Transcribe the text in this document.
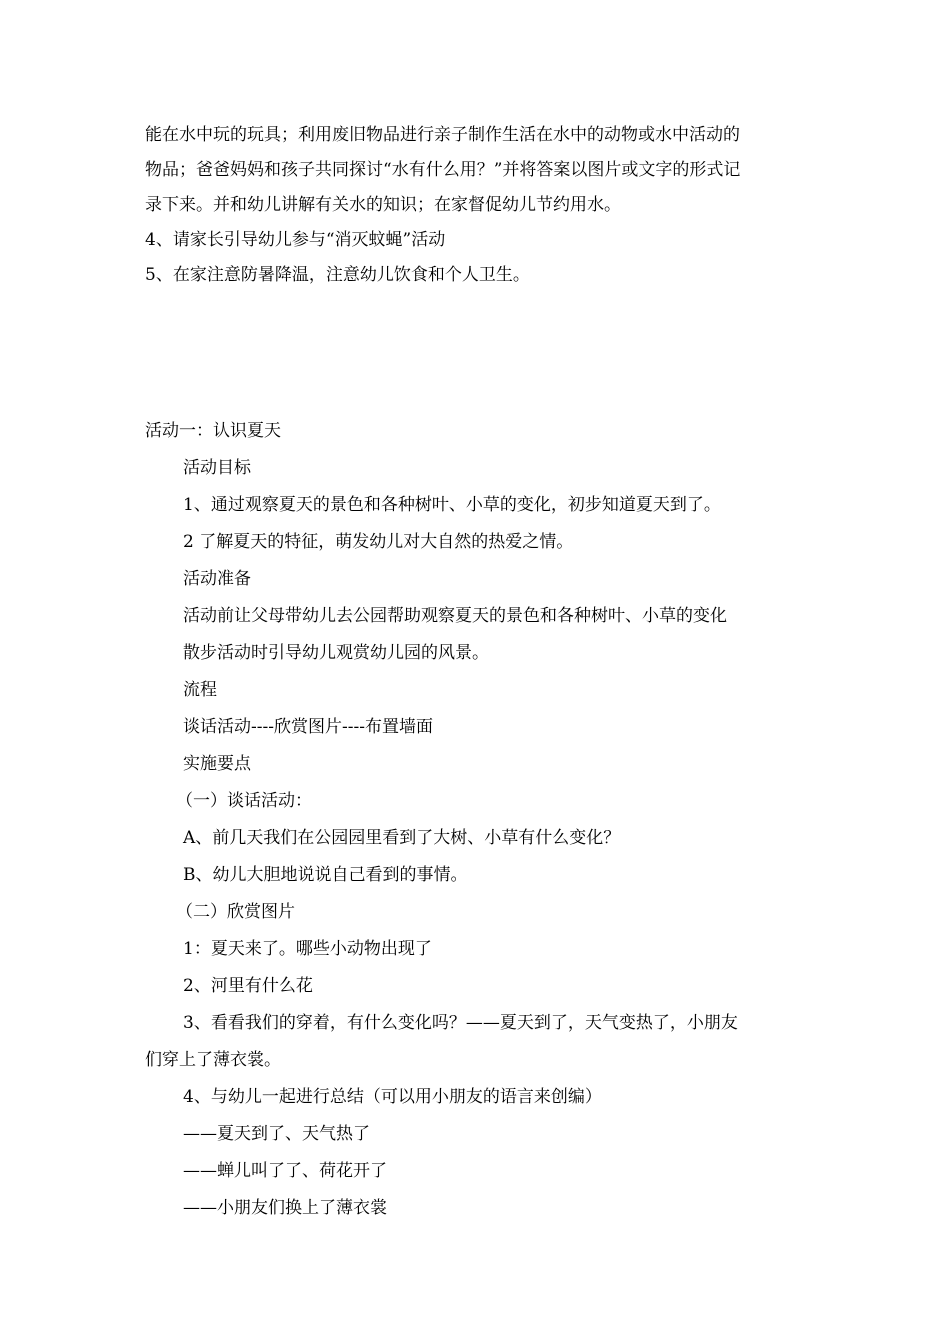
能在水中玩的玩具；利用废旧物品进行亲子制作生活在水中的动物或水中活动的

物品；爸爸妈妈和孩子共同探讨“水有什么用？”并将答案以图片或文字的形式记

录下来。并和幼儿讲解有关水的知识；在家督促幼儿节约用水。

4、请家长引导幼儿参与“消灭蚊蝇”活动

5、在家注意防暑降温，注意幼儿饮食和个人卫生。

活动一：认识夏天

活动目标

1、通过观察夏天的景色和各种树叶、小草的变化，初步知道夏天到了。

2 了解夏天的特征，萌发幼儿对大自然的热爱之情。

活动准备

活动前让父母带幼儿去公园帮助观察夏天的景色和各种树叶、小草的变化

散步活动时引导幼儿观赏幼儿园的风景。

流程

谈话活动----欣赏图片----布置墙面

实施要点

（一）谈话活动：

A、前几天我们在公园园里看到了大树、小草有什么变化？

B、幼儿大胆地说说自己看到的事情。

（二）欣赏图片

1：夏天来了。哪些小动物出现了

2、河里有什么花

3、看看我们的穿着，有什么变化吗？——夏天到了，天气变热了，小朋友

们穿上了薄衣裳。

4、与幼儿一起进行总结（可以用小朋友的语言来创编）

——夏天到了、天气热了

——蝉儿叫了了、荷花开了

——小朋友们换上了薄衣裳
